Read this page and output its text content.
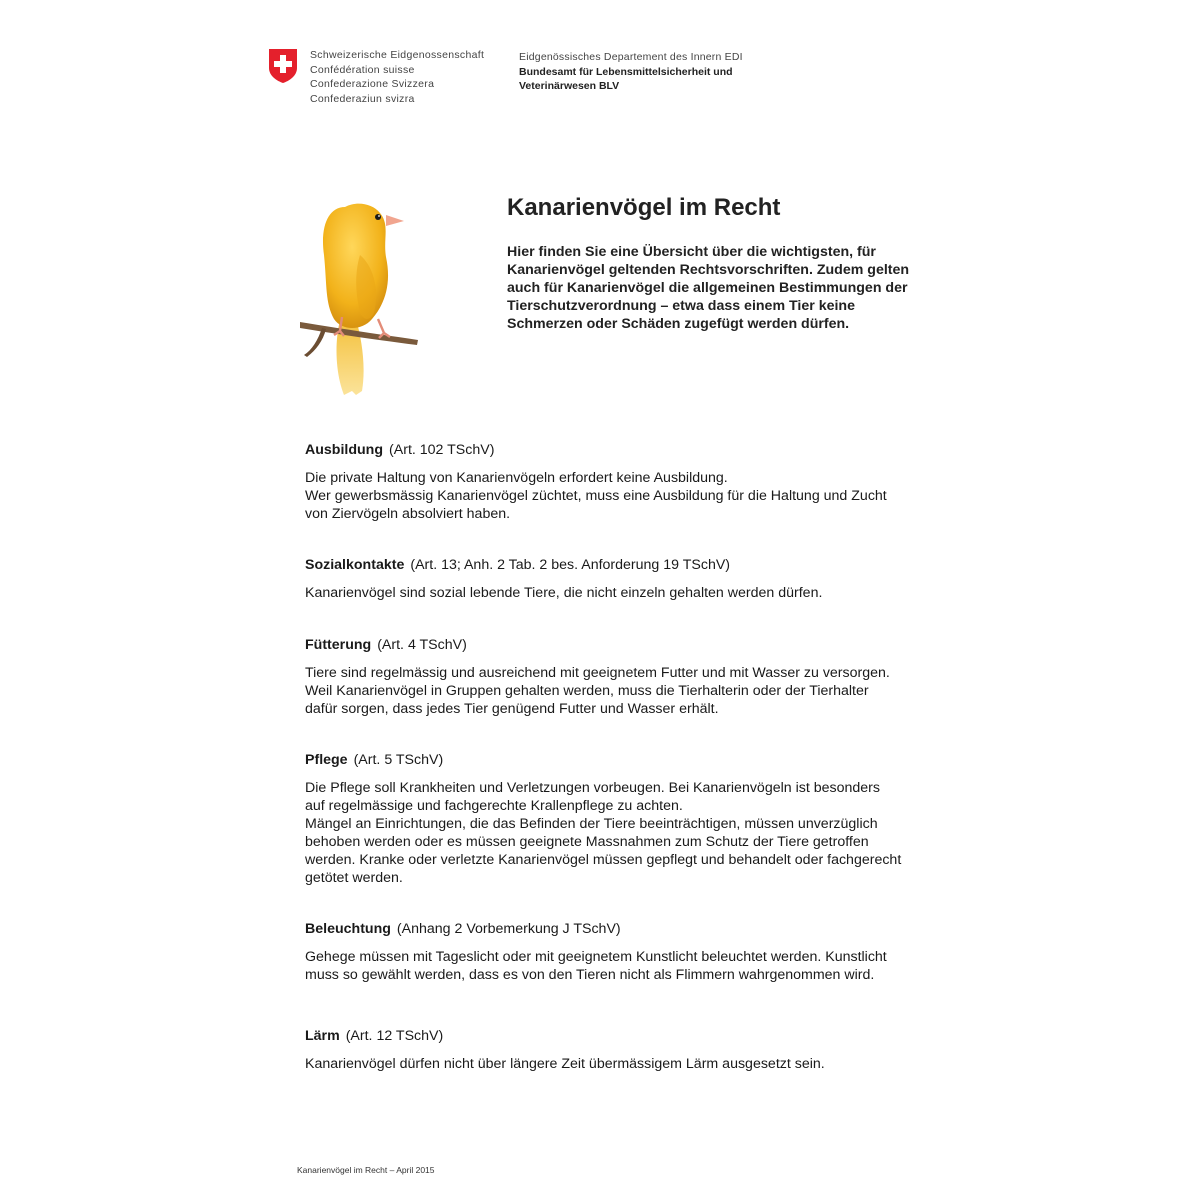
Schweizerische Eidgenossenschaft
Confédération suisse
Confederazione Svizzera
Confederaziun svizra
Eidgenössisches Departement des Innern EDI
Bundesamt für Lebensmittelsicherheit und
Veterinärwesen BLV
Kanarienvögel im Recht
Hier finden Sie eine Übersicht über die wichtigsten, für
Kanarienvögel geltenden Rechtsvorschriften. Zudem gelten
auch für Kanarienvögel die allgemeinen Bestimmungen der
Tierschutzverordnung – etwa dass einem Tier keine
Schmerzen oder Schäden zugefügt werden dürfen.

Ausbildung (Art. 102 TSchV)

Die private Haltung von Kanarienvögeln erfordert keine Ausbildung.

Wer gewerbsmässig Kanarienvögel züchtet, muss eine Ausbildung für die Haltung und Zucht

von Ziervögeln absolviert haben.

Sozialkontakte (Art. 13; Anh. 2 Tab. 2 bes. Anforderung 19 TSchV)

Kanarienvögel sind sozial lebende Tiere, die nicht einzeln gehalten werden dürfen.

Fütterung (Art. 4 TSchV)

Tiere sind regelmässig und ausreichend mit geeignetem Futter und mit Wasser zu versorgen.

Weil Kanarienvögel in Gruppen gehalten werden, muss die Tierhalterin oder der Tierhalter

dafür sorgen, dass jedes Tier genügend Futter und Wasser erhält.

Pflege (Art. 5 TSchV)

Die Pflege soll Krankheiten und Verletzungen vorbeugen. Bei Kanarienvögeln ist besonders

auf regelmässige und fachgerechte Krallenpflege zu achten.

Mängel an Einrichtungen, die das Befinden der Tiere beeinträchtigen, müssen unverzüglich

behoben werden oder es müssen geeignete Massnahmen zum Schutz der Tiere getroffen

werden. Kranke oder verletzte Kanarienvögel müssen gepflegt und behandelt oder fachgerecht

getötet werden.

Beleuchtung (Anhang 2 Vorbemerkung J TSchV)

Gehege müssen mit Tageslicht oder mit geeignetem Kunstlicht beleuchtet werden. Kunstlicht

muss so gewählt werden, dass es von den Tieren nicht als Flimmern wahrgenommen wird.

Lärm (Art. 12 TSchV)

Kanarienvögel dürfen nicht über längere Zeit übermässigem Lärm ausgesetzt sein.

Kanarienvögel im Recht – April 2015
